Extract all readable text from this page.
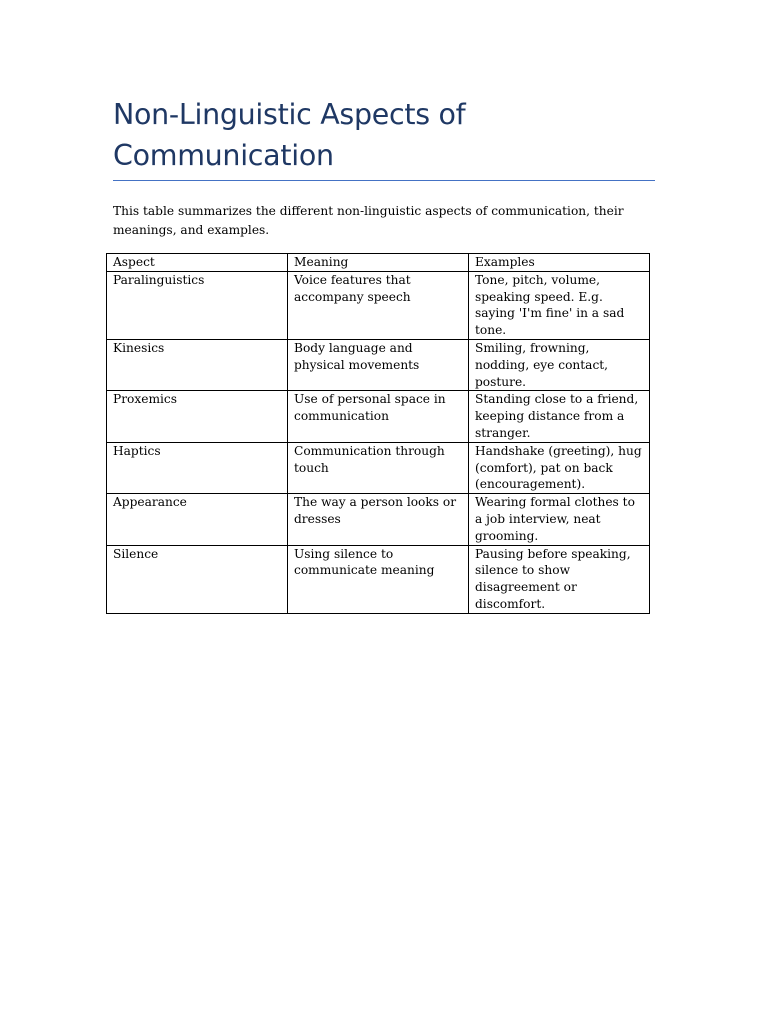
Non-Linguistic Aspects of Communication

This table summarizes the different non-linguistic aspects of communication, their meanings, and examples.

Aspect	Meaning	Examples
Paralinguistics	Voice features that accompany speech	Tone, pitch, volume, speaking speed. E.g. saying 'I'm fine' in a sad tone.
Kinesics	Body language and physical movements	Smiling, frowning, nodding, eye contact, posture.
Proxemics	Use of personal space in communication	Standing close to a friend, keeping distance from a stranger.
Haptics	Communication through touch	Handshake (greeting), hug (comfort), pat on back (encouragement).
Appearance	The way a person looks or dresses	Wearing formal clothes to a job interview, neat grooming.
Silence	Using silence to communicate meaning	Pausing before speaking, silence to show disagreement or discomfort.
